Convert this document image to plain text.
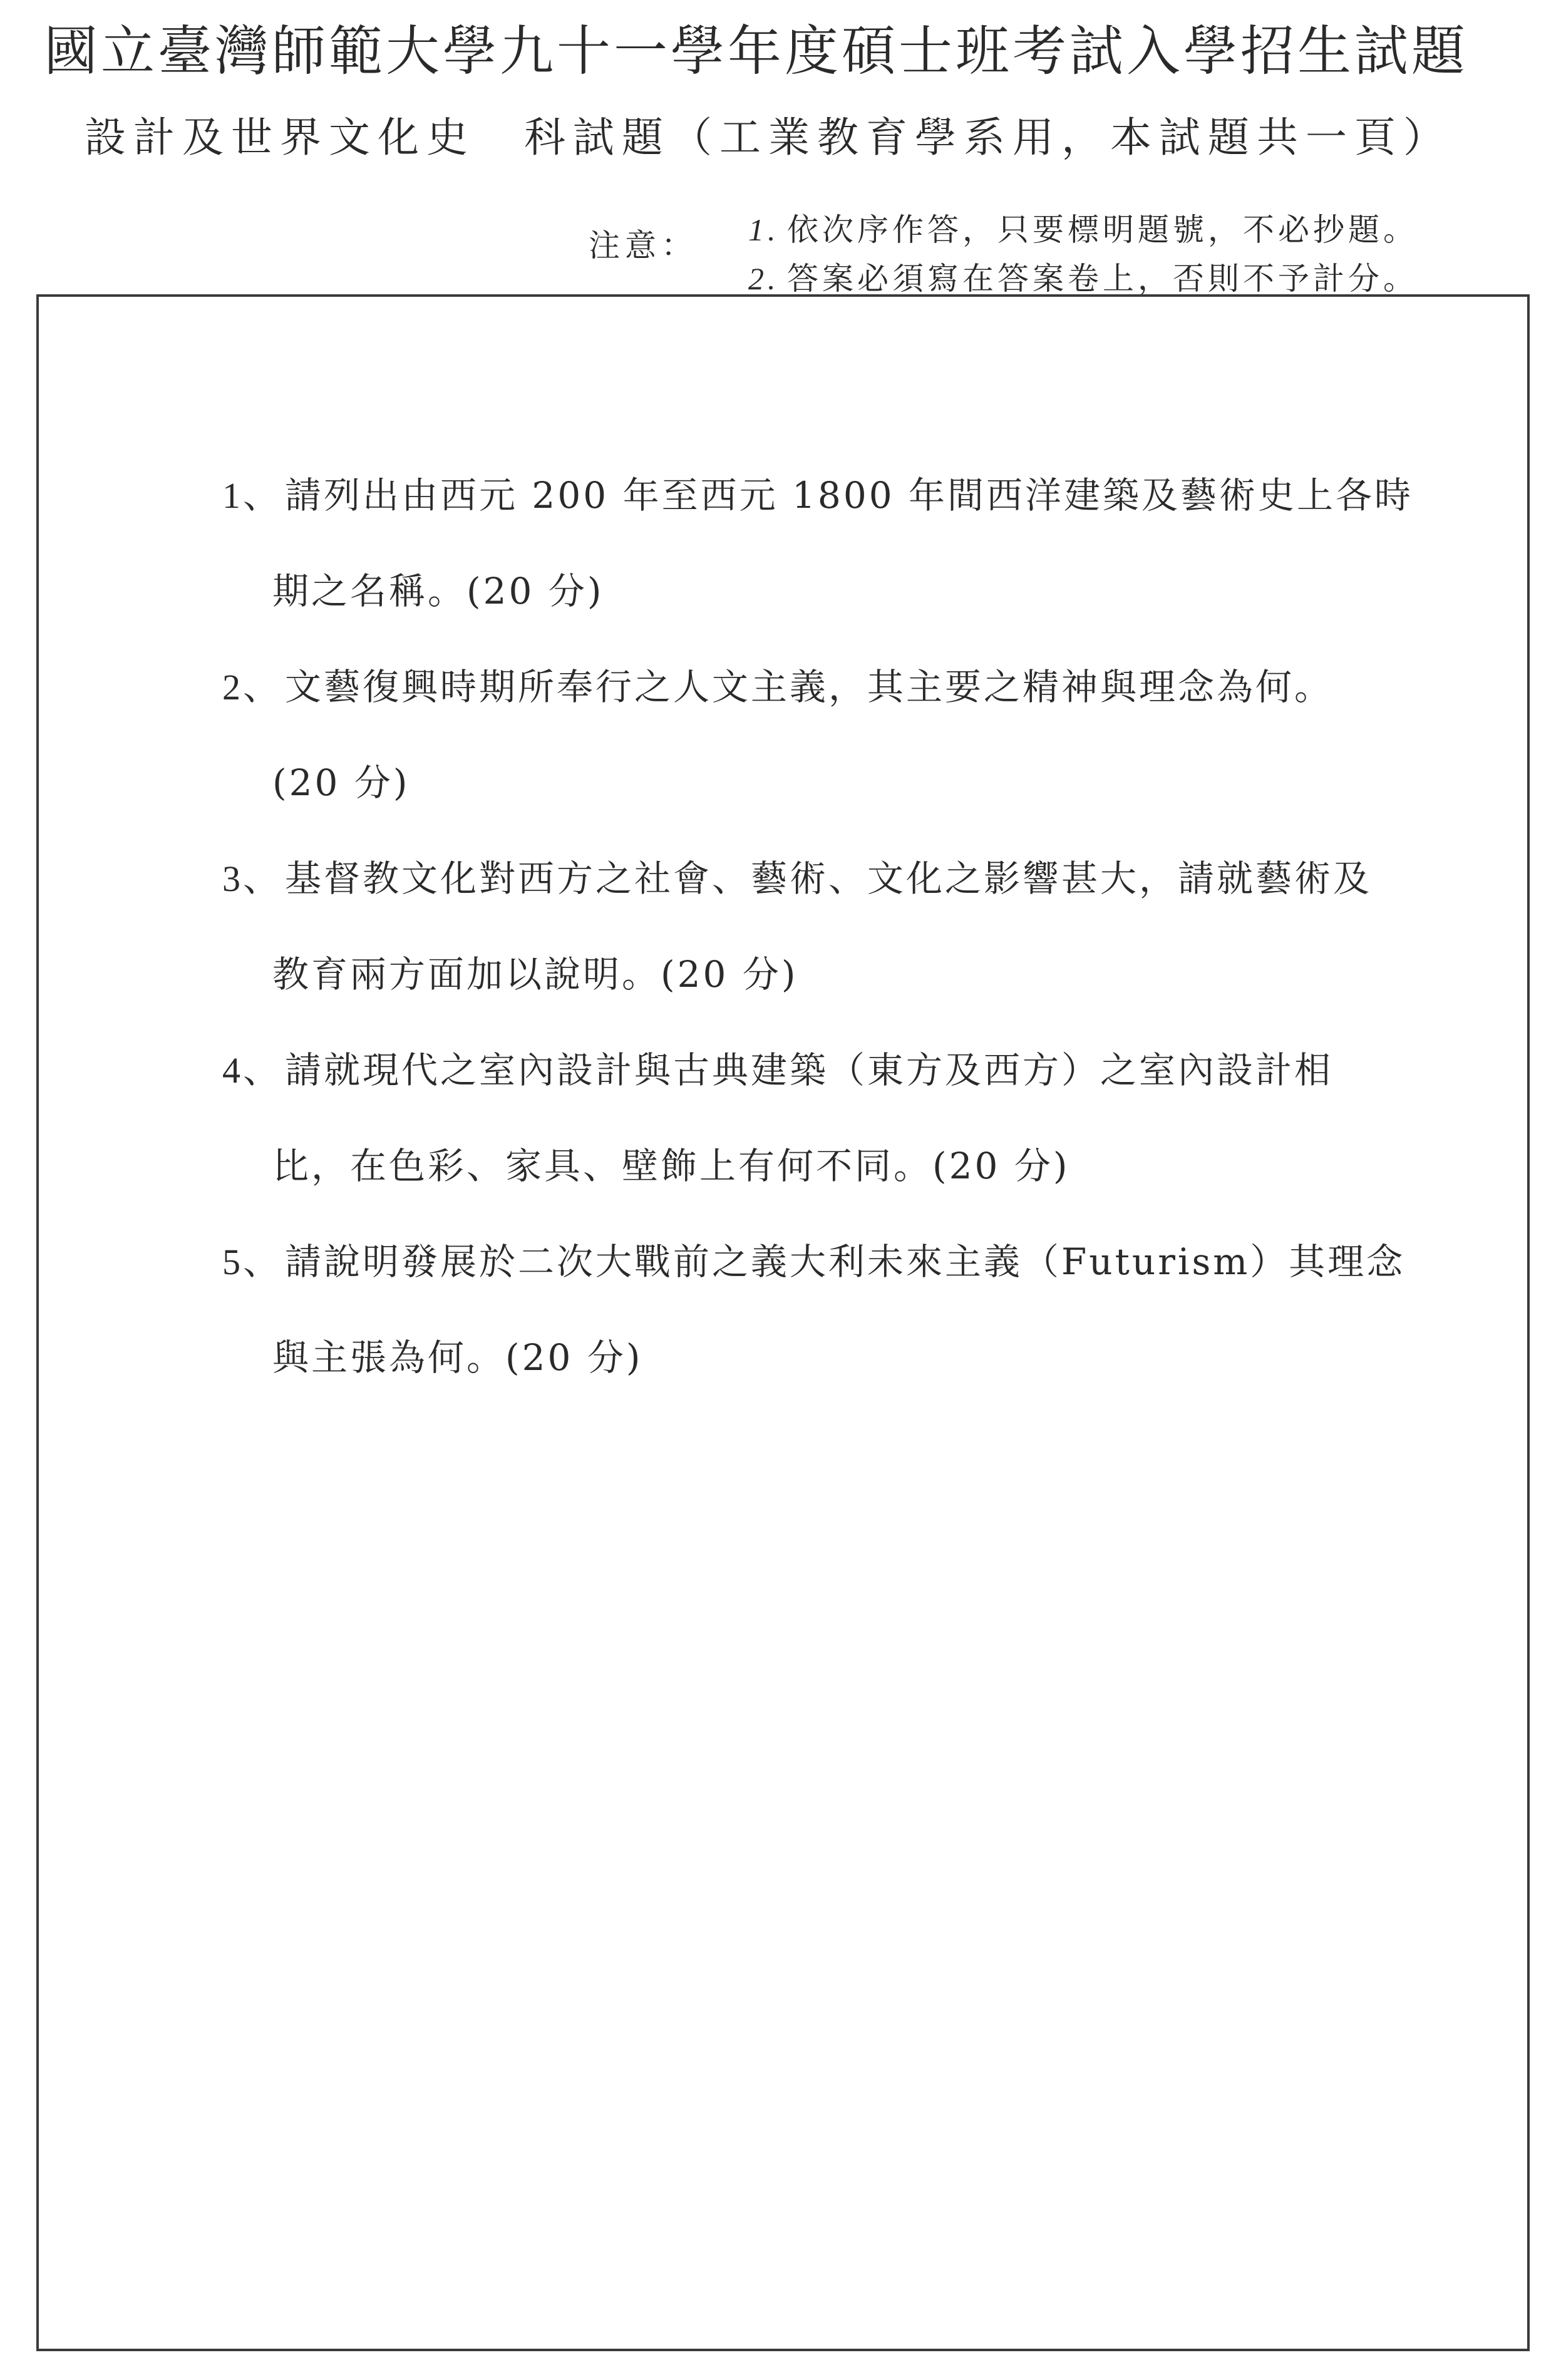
國立臺灣師範大學九十一學年度碩士班考試入學招生試題
設計及世界文化史　科試題（工業教育學系用，本試題共一頁）
注意： 1. 依次序作答，只要標明題號，不必抄題。
2. 答案必須寫在答案卷上，否則不予計分。
1、請列出由西元 200 年至西元 1800 年間西洋建築及藝術史上各時
期之名稱。(20 分)
2、文藝復興時期所奉行之人文主義，其主要之精神與理念為何。
(20 分)
3、基督教文化對西方之社會、藝術、文化之影響甚大，請就藝術及
教育兩方面加以說明。(20 分)
4、請就現代之室內設計與古典建築（東方及西方）之室內設計相
比，在色彩、家具、壁飾上有何不同。(20 分)
5、請說明發展於二次大戰前之義大利未來主義（Futurism）其理念
與主張為何。(20 分)
